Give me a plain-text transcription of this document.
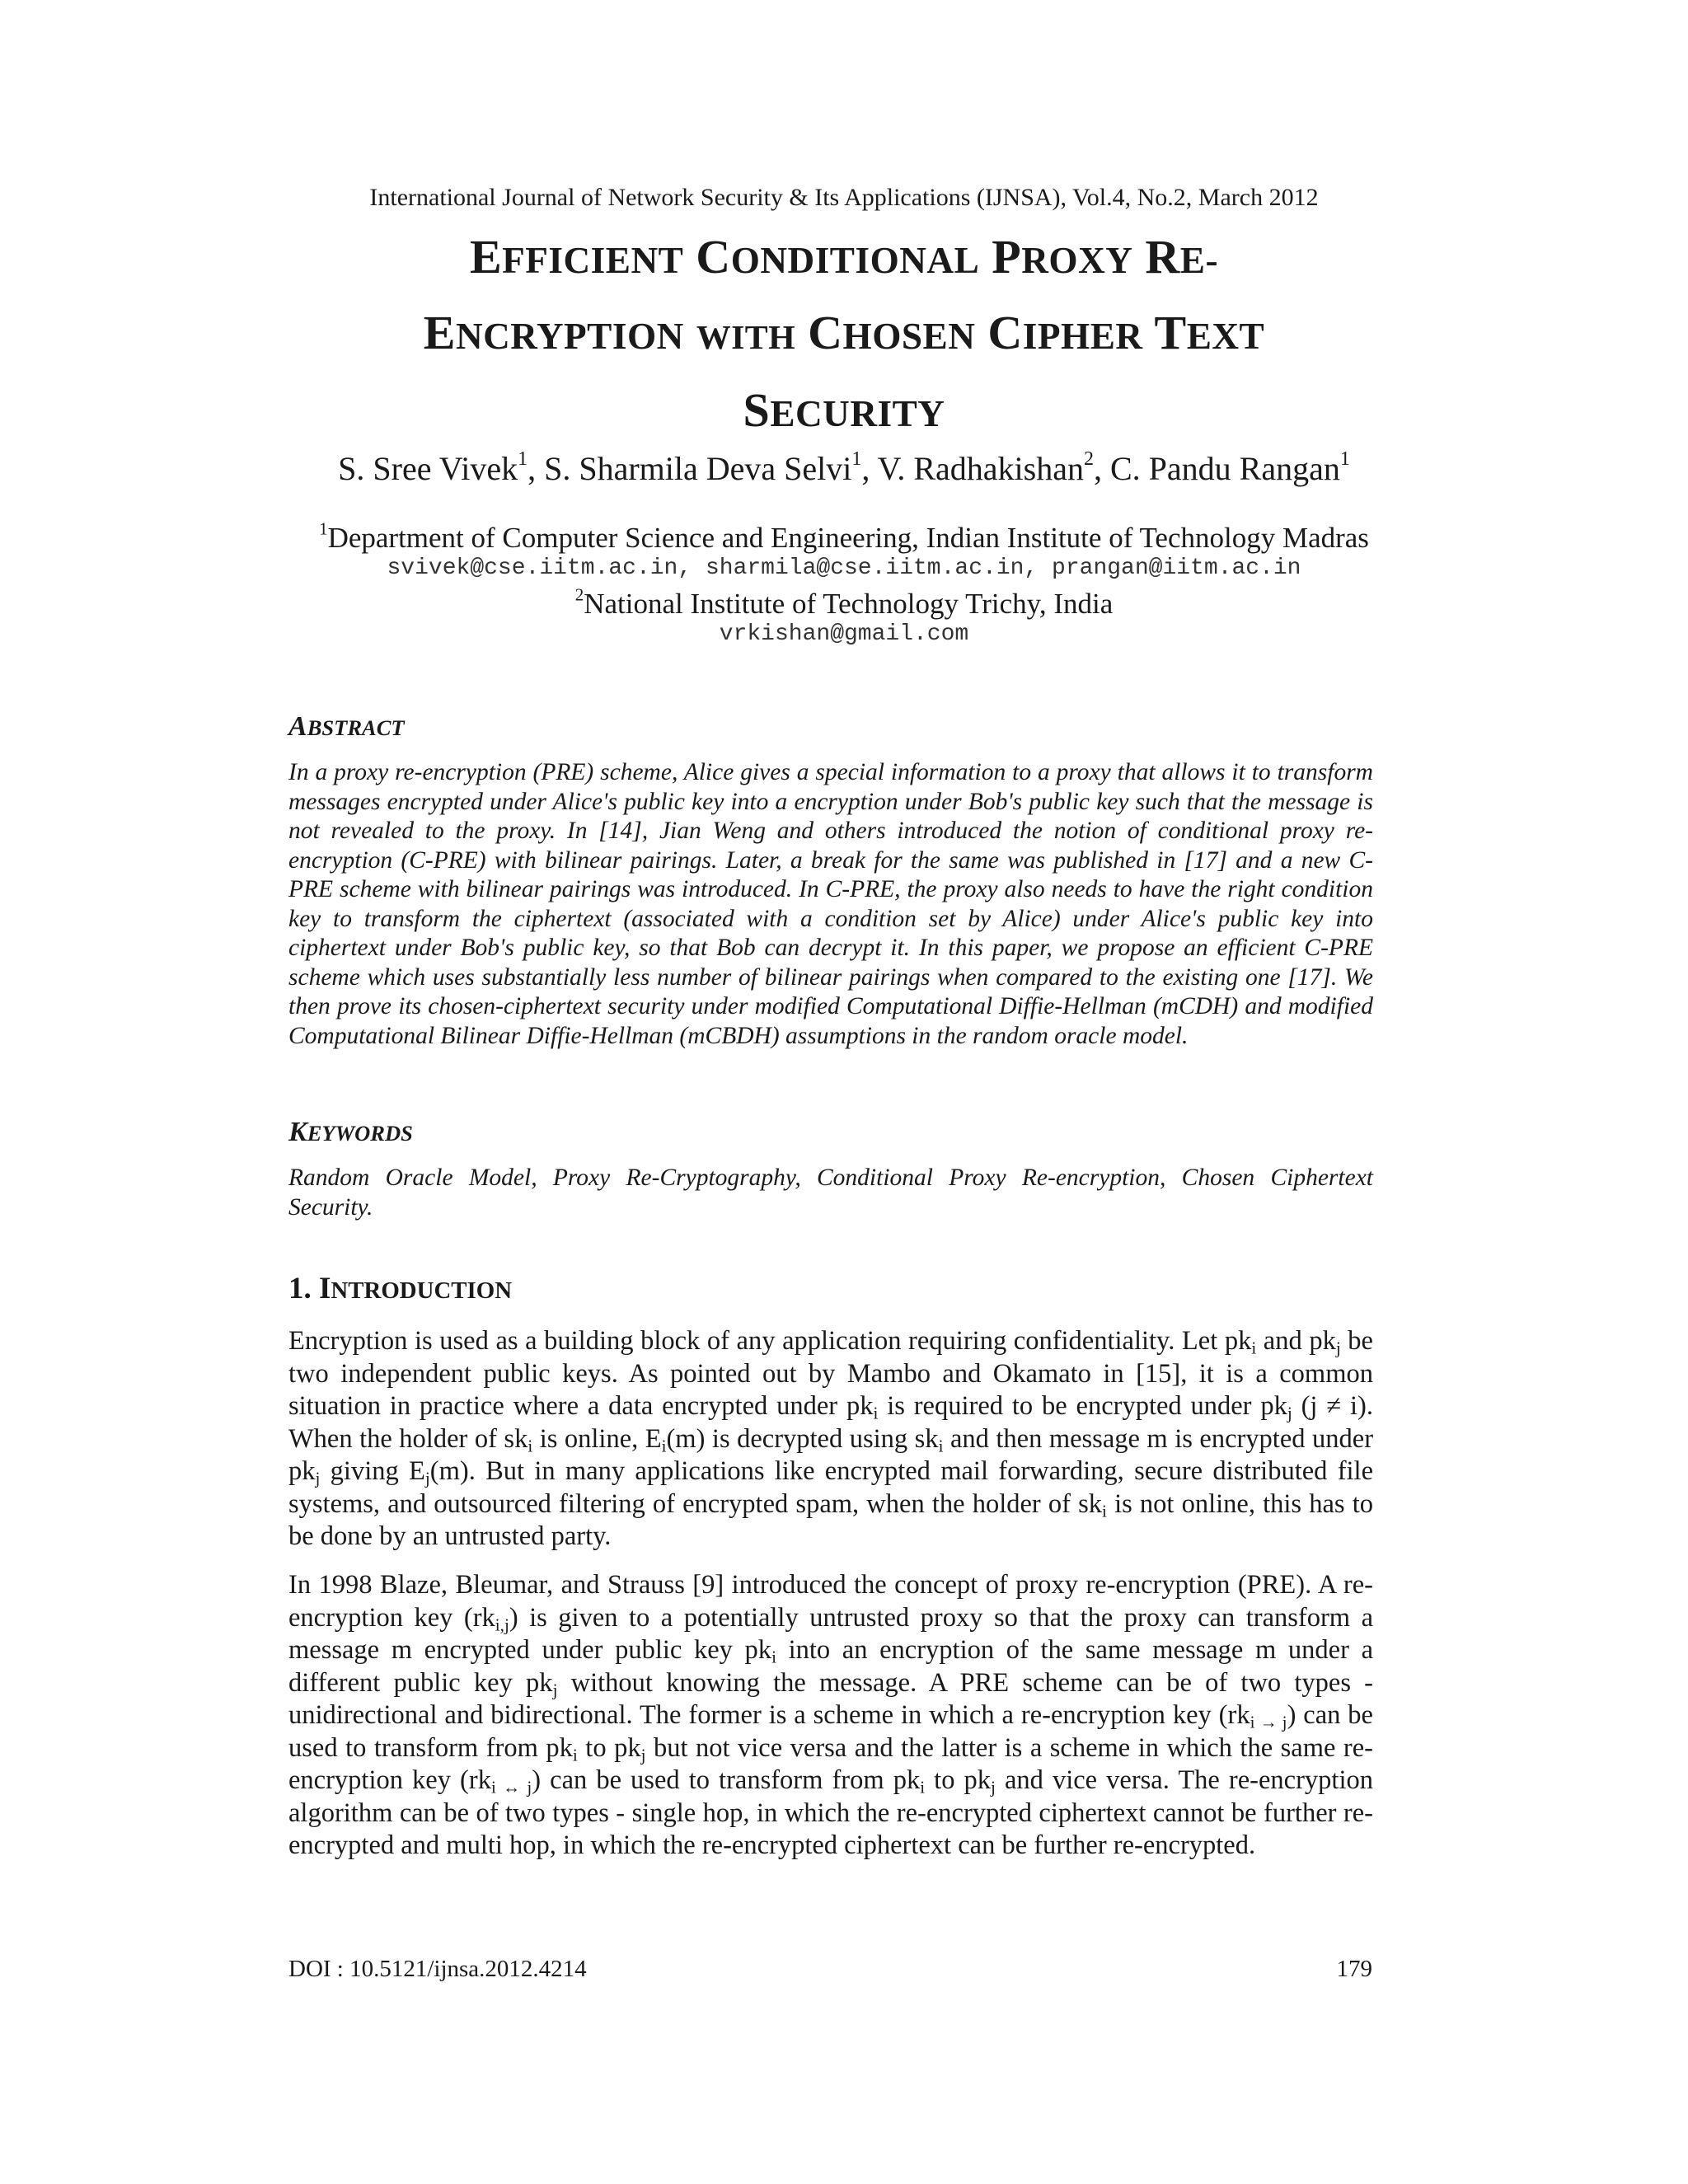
International Journal of Network Security & Its Applications (IJNSA), Vol.4, No.2, March 2012
EFFICIENT CONDITIONAL PROXY RE-
ENCRYPTION WITH CHOSEN CIPHER TEXT
SECURITY
S. Sree Vivek$^1$, S. Sharmila Deva Selvi$^1$, V. Radhakishan$^2$, C. Pandu Rangan$^1$
$^1$Department of Computer Science and Engineering, Indian Institute of Technology Madras
svivek@cse.iitm.ac.in, sharmila@cse.iitm.ac.in, prangan@iitm.ac.in
$^2$National Institute of Technology Trichy, India
vrkishan@gmail.com
ABSTRACT
In a proxy re-encryption (PRE) scheme, Alice gives a special information to a proxy that allows it to transform messages encrypted under Alice's public key into a encryption under Bob's public key such that the message is not revealed to the proxy. In [14], Jian Weng and others introduced the notion of conditional proxy re-encryption (C-PRE) with bilinear pairings. Later, a break for the same was published in [17] and a new C-PRE scheme with bilinear pairings was introduced. In C-PRE, the proxy also needs to have the right condition key to transform the ciphertext (associated with a condition set by Alice) under Alice's public key into ciphertext under Bob's public key, so that Bob can decrypt it. In this paper, we propose an efficient C-PRE scheme which uses substantially less number of bilinear pairings when compared to the existing one [17]. We then prove its chosen-ciphertext security under modified Computational Diffie-Hellman (mCDH) and modified Computational Bilinear Diffie-Hellman (mCBDH) assumptions in the random oracle model.
KEYWORDS
Random Oracle Model, Proxy Re-Cryptography, Conditional Proxy Re-encryption, Chosen Ciphertext Security.
1. INTRODUCTION
Encryption is used as a building block of any application requiring confidentiality. Let $pk_i$ and $pk_j$ be two independent public keys. As pointed out by Mambo and Okamato in [15], it is a common situation in practice where a data encrypted under $pk_i$ is required to be encrypted under $pk_j$ (j ≠ i). When the holder of $sk_i$ is online, $E_i(m)$ is decrypted using $sk_i$ and then message m is encrypted under $pk_j$ giving $E_j(m)$. But in many applications like encrypted mail forwarding, secure distributed file systems, and outsourced filtering of encrypted spam, when the holder of $sk_i$ is not online, this has to be done by an untrusted party.
In 1998 Blaze, Bleumar, and Strauss [9] introduced the concept of proxy re-encryption (PRE). A re-encryption key $(rk_{i,j})$ is given to a potentially untrusted proxy so that the proxy can transform a message m encrypted under public key $pk_i$ into an encryption of the same message m under a different public key $pk_j$ without knowing the message. A PRE scheme can be of two types - unidirectional and bidirectional. The former is a scheme in which a re-encryption key $(rk_{i \to j})$ can be used to transform from $pk_i$ to $pk_j$ but not vice versa and the latter is a scheme in which the same re-encryption key $(rk_{i \leftrightarrow j})$ can be used to transform from $pk_i$ to $pk_j$ and vice versa. The re-encryption algorithm can be of two types - single hop, in which the re-encrypted ciphertext cannot be further re-encrypted and multi hop, in which the re-encrypted ciphertext can be further re-encrypted.
DOI : 10.5121/ijnsa.2012.4214	179
